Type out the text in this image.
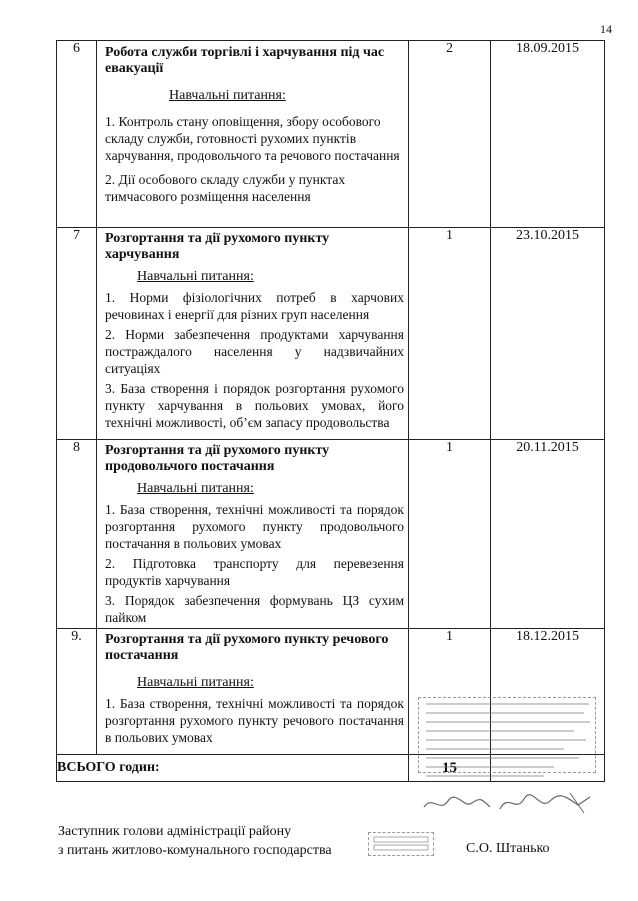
14
6	Робота служби торгівлі і харчування під час евакуації
Навчальні питання:
1. Контроль стану оповіщення, збору особового складу служби, готовності рухомих пунктів харчування, продовольчого та речового постачання
2. Дії особового складу служби у пунктах тимчасового розміщення населення	2	18.09.2015
7	Розгортання та дії рухомого пункту харчування
Навчальні питання:
1. Норми фізіологічних потреб в харчових речовинах і енергії для різних груп населення
2. Норми забезпечення продуктами харчування постраждалого населення у надзвичайних ситуаціях
3. База створення і порядок розгортання рухомого пункту харчування в польових умовах, його технічні можливості, об’єм запасу продовольства	1	23.10.2015
8	Розгортання та дії рухомого пункту продовольчого постачання
Навчальні питання:
1. База створення, технічні можливості та порядок розгортання рухомого пункту продовольчого постачання в польових умовах
2. Підготовка транспорту для перевезення продуктів харчування
3. Порядок забезпечення формувань ЦЗ сухим пайком	1	20.11.2015
9.	Розгортання та дії рухомого пункту речового постачання
Навчальні питання:
1. База створення, технічні можливості та порядок розгортання рухомого пункту речового постачання в польових умовах	1	18.12.2015
ВСЬОГО годин:		15	
Заступник голови адміністрації району
з питань житлово-комунального господарства	С.О. Штанько
